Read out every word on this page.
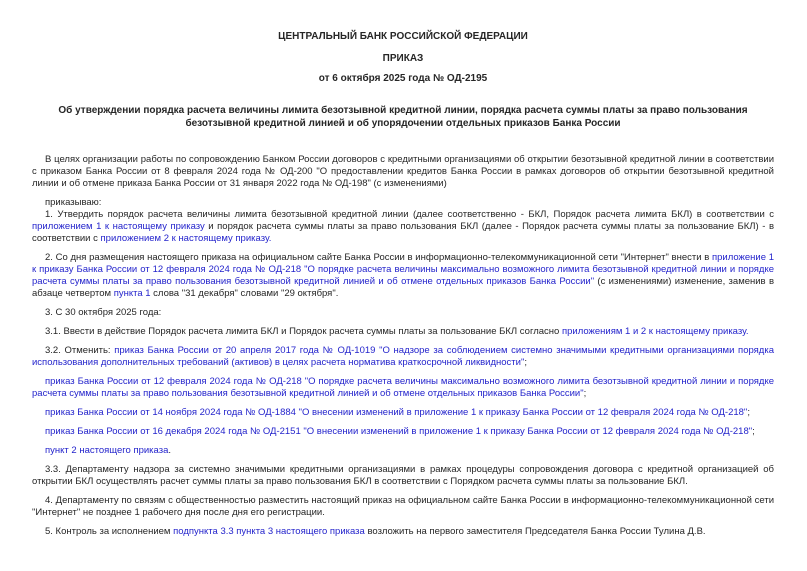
ЦЕНТРАЛЬНЫЙ БАНК РОССИЙСКОЙ ФЕДЕРАЦИИ
ПРИКАЗ
от 6 октября 2025 года № ОД-2195
Об утверждении порядка расчета величины лимита безотзывной кредитной линии, порядка расчета суммы платы за право пользования безотзывной кредитной линией и об упорядочении отдельных приказов Банка России

В целях организации работы по сопровождению Банком России договоров с кредитными организациями об открытии безотзывной кредитной линии в соответствии с приказом Банка России от 8 февраля 2024 года № ОД-200 "О предоставлении кредитов Банка России в рамках договоров об открытии безотзывной кредитной линии и об отмене приказа Банка России от 31 января 2022 года № ОД-198" (с изменениями)

приказываю:

1. Утвердить порядок расчета величины лимита безотзывной кредитной линии (далее соответственно - БКЛ, Порядок расчета лимита БКЛ) в соответствии с приложением 1 к настоящему приказу и порядок расчета суммы платы за право пользования БКЛ (далее - Порядок расчета суммы платы за пользование БКЛ) - в соответствии с приложением 2 к настоящему приказу.

2. Со дня размещения настоящего приказа на официальном сайте Банка России в информационно-телекоммуникационной сети "Интернет" внести в приложение 1 к приказу Банка России от 12 февраля 2024 года № ОД-218 "О порядке расчета величины максимально возможного лимита безотзывной кредитной линии и порядке расчета суммы платы за право пользования безотзывной кредитной линией и об отмене отдельных приказов Банка России" (с изменениями) изменение, заменив в абзаце четвертом пункта 1 слова "31 декабря" словами "29 октября".

3. С 30 октября 2025 года:

3.1. Ввести в действие Порядок расчета лимита БКЛ и Порядок расчета суммы платы за пользование БКЛ согласно приложениям 1 и 2 к настоящему приказу.

3.2. Отменить: приказ Банка России от 20 апреля 2017 года № ОД-1019 "О надзоре за соблюдением системно значимыми кредитными организациями порядка использования дополнительных требований (активов) в целях расчета норматива краткосрочной ликвидности";

приказ Банка России от 12 февраля 2024 года № ОД-218 "О порядке расчета величины максимально возможного лимита безотзывной кредитной линии и порядке расчета суммы платы за право пользования безотзывной кредитной линией и об отмене отдельных приказов Банка России";

приказ Банка России от 14 ноября 2024 года № ОД-1884 "О внесении изменений в приложение 1 к приказу Банка России от 12 февраля 2024 года № ОД-218";

приказ Банка России от 16 декабря 2024 года № ОД-2151 "О внесении изменений в приложение 1 к приказу Банка России от 12 февраля 2024 года № ОД-218";

пункт 2 настоящего приказа.

3.3. Департаменту надзора за системно значимыми кредитными организациями в рамках процедуры сопровождения договора с кредитной организацией об открытии БКЛ осуществлять расчет суммы платы за право пользования БКЛ в соответствии с Порядком расчета суммы платы за пользование БКЛ.

4. Департаменту по связям с общественностью разместить настоящий приказ на официальном сайте Банка России в информационно-телекоммуникационной сети "Интернет" не позднее 1 рабочего дня после дня его регистрации.

5. Контроль за исполнением подпункта 3.3 пункта 3 настоящего приказа возложить на первого заместителя Председателя Банка России Тулина Д.В.
